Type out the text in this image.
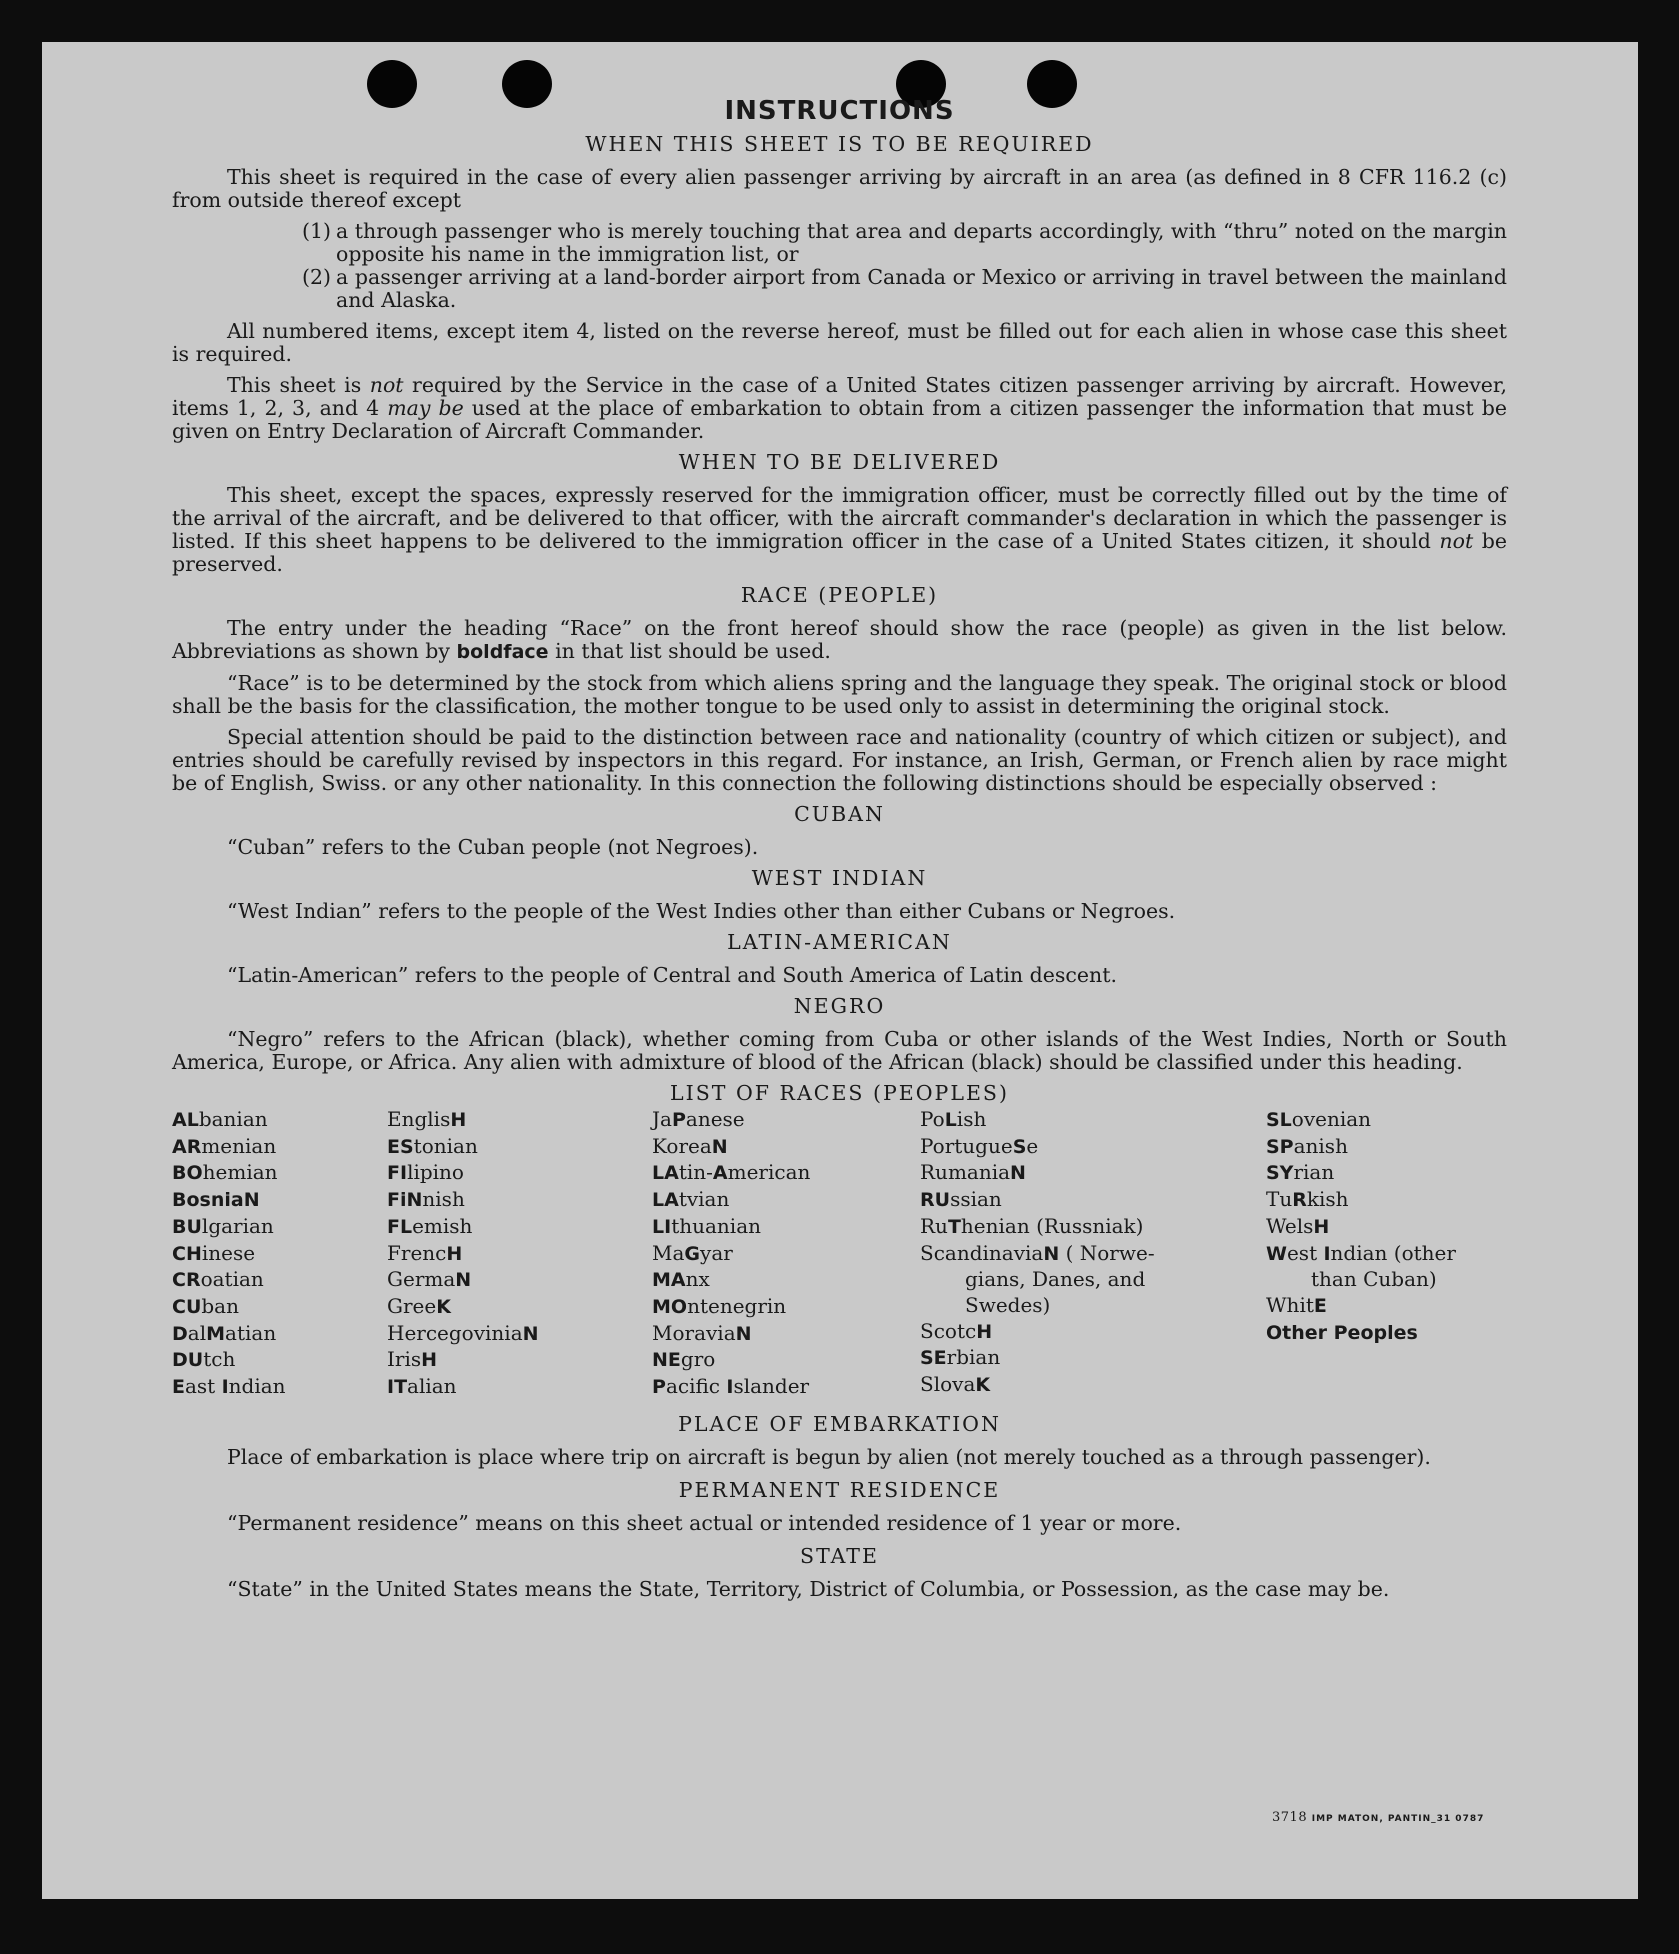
INSTRUCTIONS
WHEN THIS SHEET IS TO BE REQUIRED

This sheet is required in the case of every alien passenger arriving by aircraft in an area (as defined in 8 CFR 116.2 (c) from outside thereof except

(1) a through passenger who is merely touching that area and departs accordingly, with “thru” noted on the margin opposite his name in the immigration list, or
(2) a passenger arriving at a land-border airport from Canada or Mexico or arriving in travel between the mainland and Alaska.

All numbered items, except item 4, listed on the reverse hereof, must be filled out for each alien in whose case this sheet is required.

This sheet is not required by the Service in the case of a United States citizen passenger arriving by aircraft. However, items 1, 2, 3, and 4 may be used at the place of embarkation to obtain from a citizen passenger the information that must be given on Entry Declaration of Aircraft Commander.

WHEN TO BE DELIVERED

This sheet, except the spaces, expressly reserved for the immigration officer, must be correctly filled out by the time of the arrival of the aircraft, and be delivered to that officer, with the aircraft commander's declaration in which the passenger is listed. If this sheet happens to be delivered to the immigration officer in the case of a United States citizen, it should not be preserved.

RACE (PEOPLE)

The entry under the heading “Race” on the front hereof should show the race (people) as given in the list below. Abbreviations as shown by boldface in that list should be used.

“Race” is to be determined by the stock from which aliens spring and the language they speak. The original stock or blood shall be the basis for the classification, the mother tongue to be used only to assist in determining the original stock.

Special attention should be paid to the distinction between race and nationality (country of which citizen or subject), and entries should be carefully revised by inspectors in this regard. For instance, an Irish, German, or French alien by race might be of English, Swiss. or any other nationality. In this connection the following distinctions should be especially observed :

CUBAN

“Cuban” refers to the Cuban people (not Negroes).

WEST INDIAN

“West Indian” refers to the people of the West Indies other than either Cubans or Negroes.

LATIN-AMERICAN

“Latin-American” refers to the people of Central and South America of Latin descent.

NEGRO

“Negro” refers to the African (black), whether coming from Cuba or other islands of the West Indies, North or South America, Europe, or Africa. Any alien with admixture of blood of the African (black) should be classified under this heading.

LIST OF RACES (PEOPLES)
ALbanian
ARmenian
BOhemian
BosniaN
BUlgarian
CHinese
CRoatian
CUban
DalMatian
DUtch
East Indian
EnglisH
EStonian
FIlipino
FiNnish
FLemish
FrencH
GermaN
GreeK
HercegoviniaN
IrisH
ITalian
JaPanese
KoreaN
LAtin-American
LAtvian
LIthuanian
MaGyar
MAnx
MOntenegrin
MoraviaN
NEgro
Pacific Islander
PoLish
PortugueSe
RumaniaN
RUssian
RuThenian (Russniak)
ScandinaviaN ( Norwe-
gians, Danes, and
Swedes)
ScotcH
SErbian
SlovaK
SLovenian
SPanish
SYrian
TuRkish
WelsH
West Indian (other
than Cuban)
WhitE
Other Peoples
PLACE OF EMBARKATION

Place of embarkation is place where trip on aircraft is begun by alien (not merely touched as a through passenger).

PERMANENT RESIDENCE

“Permanent residence” means on this sheet actual or intended residence of 1 year or more.

STATE

“State” in the United States means the State, Territory, District of Columbia, or Possession, as the case may be.

3718 IMP MATON, PANTIN_31 0787
